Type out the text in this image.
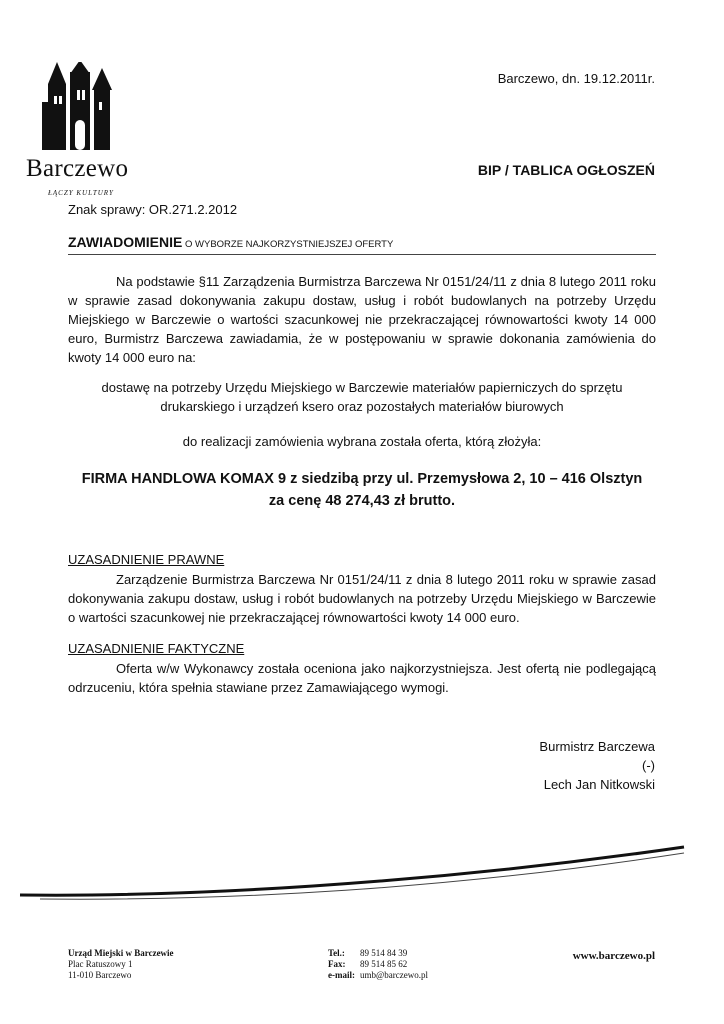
Barczewo
ŁĄCZY KULTURY
Barczewo, dn. 19.12.2011r.
BIP / TABLICA OGŁOSZEŃ
Znak sprawy: OR.271.2.2012
ZAWIADOMIENIE O WYBORZE NAJKORZYSTNIEJSZEJ OFERTY
Na podstawie §11 Zarządzenia Burmistrza Barczewa Nr 0151/24/11 z dnia 8 lutego 2011 roku w sprawie zasad dokonywania zakupu dostaw, usług i robót budowlanych na potrzeby Urzędu Miejskiego w Barczewie o wartości szacunkowej nie przekraczającej równowartości kwoty 14 000 euro, Burmistrz Barczewa zawiadamia, że w postępowaniu w sprawie dokonania zamówienia do kwoty 14 000 euro na:
dostawę na potrzeby Urzędu Miejskiego w Barczewie materiałów papierniczych do sprzętu drukarskiego i urządzeń ksero oraz pozostałych materiałów biurowych
do realizacji zamówienia wybrana została oferta, którą złożyła:
FIRMA HANDLOWA KOMAX 9 z siedzibą przy ul. Przemysłowa 2, 10 – 416 Olsztyn
za cenę 48 274,43 zł brutto.
UZASADNIENIE PRAWNE
Zarządzenie Burmistrza Barczewa Nr 0151/24/11 z dnia 8 lutego 2011 roku w sprawie zasad dokonywania zakupu dostaw, usług i robót budowlanych na potrzeby Urzędu Miejskiego w Barczewie o wartości szacunkowej nie przekraczającej równowartości kwoty 14 000 euro.
UZASADNIENIE FAKTYCZNE
Oferta w/w Wykonawcy została oceniona jako najkorzystniejsza. Jest ofertą nie podlegającą odrzuceniu, która spełnia stawiane przez Zamawiającego wymogi.
Burmistrz Barczewa
(-)
Lech Jan Nitkowski
Urząd Miejski w Barczewie
Plac Ratuszowy 1
11-010 Barczewo
Tel.: 89 514 84 39
Fax: 89 514 85 62
e-mail: umb@barczewo.pl
www.barczewo.pl
